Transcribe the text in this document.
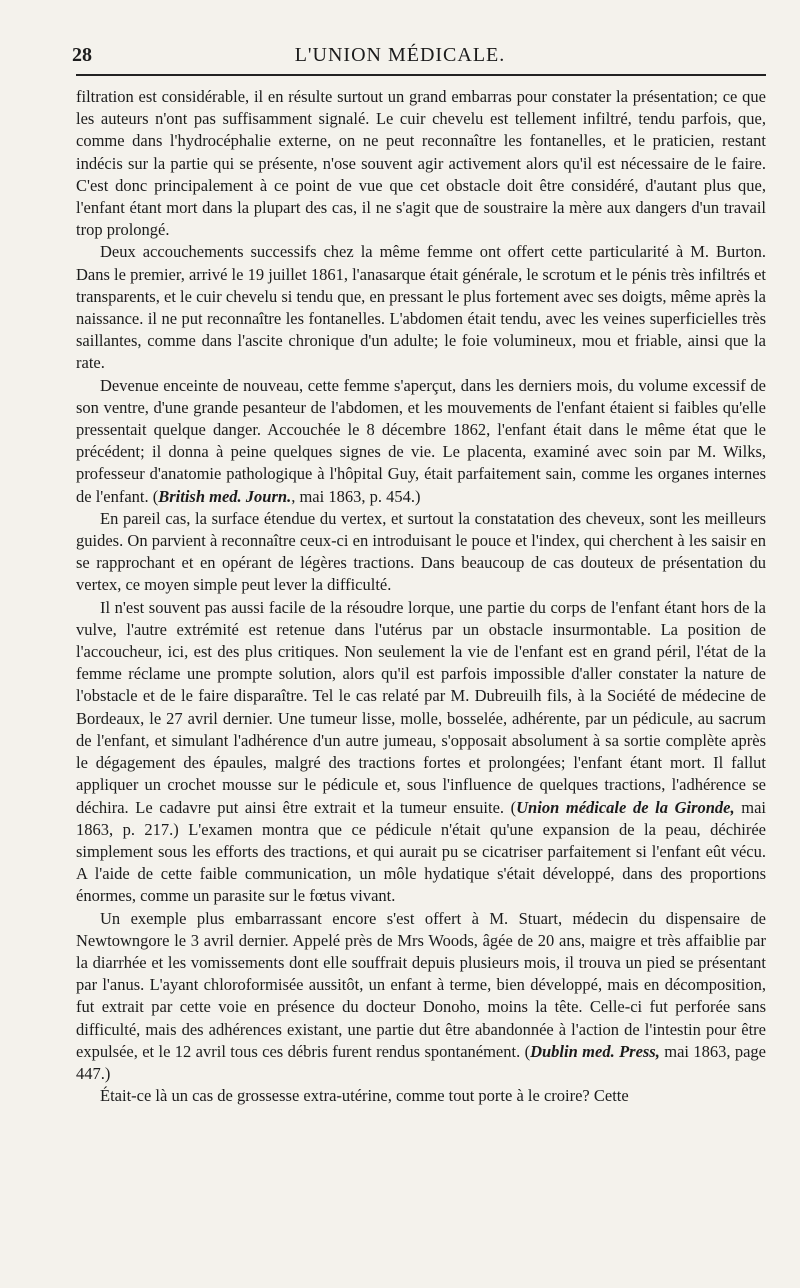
28	L'UNION MÉDICALE.

filtration est considérable, il en résulte surtout un grand embarras pour constater la présentation; ce que les auteurs n'ont pas suffisamment signalé. Le cuir chevelu est tellement infiltré, tendu parfois, que, comme dans l'hydrocéphalie externe, on ne peut reconnaître les fontanelles, et le praticien, restant indécis sur la partie qui se présente, n'ose souvent agir activement alors qu'il est nécessaire de le faire. C'est donc principalement à ce point de vue que cet obstacle doit être considéré, d'autant plus que, l'enfant étant mort dans la plupart des cas, il ne s'agit que de soustraire la mère aux dangers d'un travail trop prolongé.

Deux accouchements successifs chez la même femme ont offert cette particularité à M. Burton. Dans le premier, arrivé le 19 juillet 1861, l'anasarque était générale, le scrotum et le pénis très infiltrés et transparents, et le cuir chevelu si tendu que, en pressant le plus fortement avec ses doigts, même après la naissance. il ne put reconnaître les fontanelles. L'abdomen était tendu, avec les veines superficielles très saillantes, comme dans l'ascite chronique d'un adulte; le foie volumineux, mou et friable, ainsi que la rate.

Devenue enceinte de nouveau, cette femme s'aperçut, dans les derniers mois, du volume excessif de son ventre, d'une grande pesanteur de l'abdomen, et les mouvements de l'enfant étaient si faibles qu'elle pressentait quelque danger. Accouchée le 8 décembre 1862, l'enfant était dans le même état que le précédent; il donna à peine quelques signes de vie. Le placenta, examiné avec soin par M. Wilks, professeur d'anatomie pathologique à l'hôpital Guy, était parfaitement sain, comme les organes internes de l'enfant. (British med. Journ., mai 1863, p. 454.)

En pareil cas, la surface étendue du vertex, et surtout la constatation des cheveux, sont les meilleurs guides. On parvient à reconnaître ceux-ci en introduisant le pouce et l'index, qui cherchent à les saisir en se rapprochant et en opérant de légères tractions. Dans beaucoup de cas douteux de présentation du vertex, ce moyen simple peut lever la difficulté.

Il n'est souvent pas aussi facile de la résoudre lorque, une partie du corps de l'enfant étant hors de la vulve, l'autre extrémité est retenue dans l'utérus par un obstacle insurmontable. La position de l'accoucheur, ici, est des plus critiques. Non seulement la vie de l'enfant est en grand péril, l'état de la femme réclame une prompte solution, alors qu'il est parfois impossible d'aller constater la nature de l'obstacle et de le faire disparaître. Tel le cas relaté par M. Dubreuilh fils, à la Société de médecine de Bordeaux, le 27 avril dernier. Une tumeur lisse, molle, bosselée, adhérente, par un pédicule, au sacrum de l'enfant, et simulant l'adhérence d'un autre jumeau, s'opposait absolument à sa sortie complète après le dégagement des épaules, malgré des tractions fortes et prolongées; l'enfant étant mort. Il fallut appliquer un crochet mousse sur le pédicule et, sous l'influence de quelques tractions, l'adhérence se déchira. Le cadavre put ainsi être extrait et la tumeur ensuite. (Union médicale de la Gironde, mai 1863, p. 217.) L'examen montra que ce pédicule n'était qu'une expansion de la peau, déchirée simplement sous les efforts des tractions, et qui aurait pu se cicatriser parfaitement si l'enfant eût vécu. A l'aide de cette faible communication, un môle hydatique s'était développé, dans des proportions énormes, comme un parasite sur le fœtus vivant.

Un exemple plus embarrassant encore s'est offert à M. Stuart, médecin du dispensaire de Newtowngore le 3 avril dernier. Appelé près de Mrs Woods, âgée de 20 ans, maigre et très affaiblie par la diarrhée et les vomissements dont elle souffrait depuis plusieurs mois, il trouva un pied se présentant par l'anus. L'ayant chloroformisée aussitôt, un enfant à terme, bien développé, mais en décomposition, fut extrait par cette voie en présence du docteur Donoho, moins la tête. Celle-ci fut perforée sans difficulté, mais des adhérences existant, une partie dut être abandonnée à l'action de l'intestin pour être expulsée, et le 12 avril tous ces débris furent rendus spontanément. (Dublin med. Press, mai 1863, page 447.)

Était-ce là un cas de grossesse extra-utérine, comme tout porte à le croire? Cette
